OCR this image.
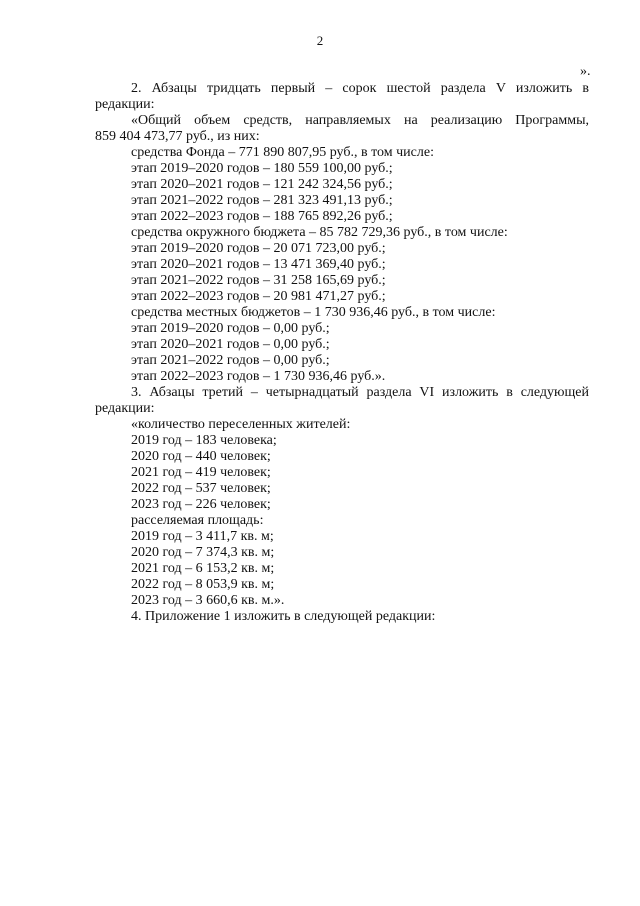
2
».
2. Абзацы тридцать первый – сорок шестой раздела V изложить в
редакции:
«Общий объем средств, направляемых на реализацию Программы,
859 404 473,77 руб., из них:
средства Фонда – 771 890 807,95 руб., в том числе:
этап 2019–2020 годов – 180 559 100,00 руб.;
этап 2020–2021 годов – 121 242 324,56 руб.;
этап 2021–2022 годов – 281 323 491,13 руб.;
этап 2022–2023 годов – 188 765 892,26 руб.;
средства окружного бюджета – 85 782 729,36 руб., в том числе:
этап 2019–2020 годов – 20 071 723,00 руб.;
этап 2020–2021 годов – 13 471 369,40 руб.;
этап 2021–2022 годов – 31 258 165,69 руб.;
этап 2022–2023 годов – 20 981 471,27 руб.;
средства местных бюджетов – 1 730 936,46 руб., в том числе:
этап 2019–2020 годов – 0,00 руб.;
этап 2020–2021 годов – 0,00 руб.;
этап 2021–2022 годов – 0,00 руб.;
этап 2022–2023 годов – 1 730 936,46 руб.».
3. Абзацы третий – четырнадцатый раздела VI изложить в следующей
редакции:
«количество переселенных жителей:
2019 год – 183 человека;
2020 год – 440 человек;
2021 год – 419 человек;
2022 год – 537 человек;
2023 год – 226 человек;
расселяемая площадь:
2019 год – 3 411,7 кв. м;
2020 год – 7 374,3 кв. м;
2021 год – 6 153,2 кв. м;
2022 год – 8 053,9 кв. м;
2023 год – 3 660,6 кв. м.».
4. Приложение 1 изложить в следующей редакции:
